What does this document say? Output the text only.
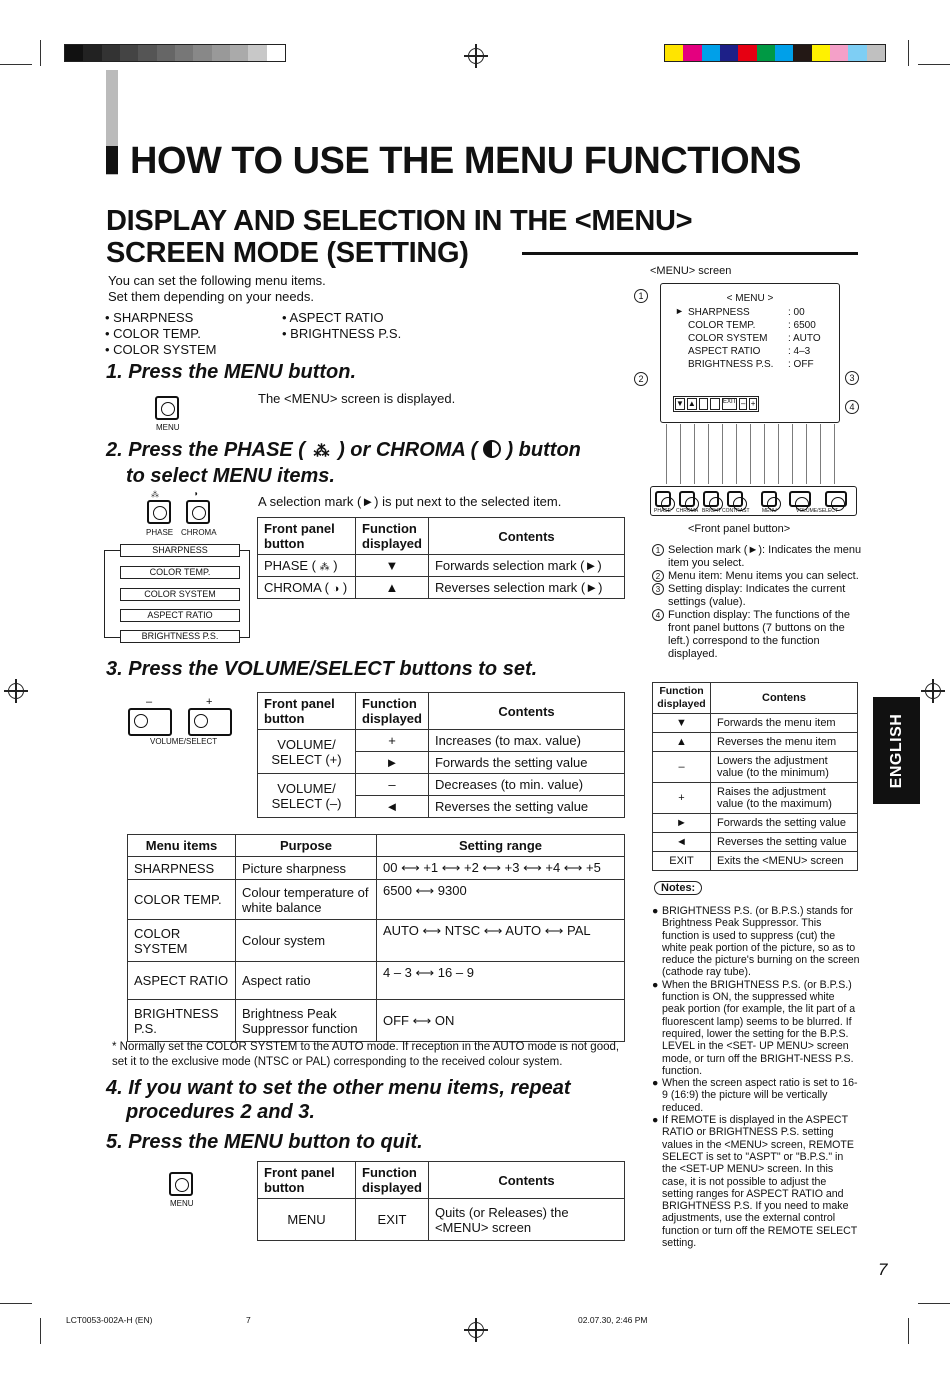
HOW TO USE THE MENU FUNCTIONS
DISPLAY AND SELECTION IN THE <MENU>
SCREEN MODE (SETTING)
You can set the following menu items.
Set them depending on your needs.
• SHARPNESS
• COLOR TEMP.
• COLOR SYSTEM
• ASPECT RATIO
• BRIGHTNESS P.S.
1. Press the MENU button.
MENU
The <MENU> screen is displayed.
2. Press the PHASE ( ⁂ ) or CHROMA ( ) button
to select MENU items.
⁂	◑
PHASE CHROMA
SHARPNESS
COLOR TEMP.
COLOR SYSTEM
ASPECT RATIO
BRIGHTNESS P.S.
Front panel button	Function displayed	Contents
PHASE ( ⁂ )	▼	Forwards selection mark (►)
CHROMA ( ◑ )	▲	Reverses selection mark (►)
A selection mark (►) is put next to the selected item.
3. Press the VOLUME/SELECT buttons to set.
–	+
VOLUME/SELECT
Front panel button	Function displayed	Contents
VOLUME/ SELECT (+)	+	Increases (to max. value)
	►	Forwards the setting value
VOLUME/ SELECT (–)	–	Decreases (to min. value)
	◄	Reverses the setting value
Menu items	Purpose	Setting range
SHARPNESS	Picture sharpness	00 ⟷ +1 ⟷ +2 ⟷ +3 ⟷ +4 ⟷ +5
COLOR TEMP.	Colour temperature of white balance	6500 ⟷ 9300
COLOR SYSTEM	Colour system	AUTO ⟷ NTSC ⟷ AUTO ⟷ PAL
ASPECT RATIO	Aspect ratio	4 – 3 ⟷ 16 – 9
BRIGHTNESS P.S.	Brightness Peak Suppressor function	OFF ⟷ ON
* Normally set the COLOR SYSTEM to the AUTO mode. If reception in the AUTO mode is not good, set it to the exclusive mode (NTSC or PAL) corresponding to the received colour system.
4. If you want to set the other menu items, repeat
procedures 2 and 3.
5. Press the MENU button to quit.
MENU
Front panel button	Function displayed	Contents
MENU	EXIT	Quits (or Releases) the <MENU> screen
<MENU> screen
< MENU >
► SHARPNESS	: 00
COLOR TEMP.	: 6500
COLOR SYSTEM : AUTO
ASPECT RATIO	: 4–3
BRIGHTNESS P.S. : OFF
▼ ▲	EXIT – +
1
2	3
4
PHASE CHROMA BRIGHT CONTRAST	MENU	VOLUME/SELECT
<Front panel button>
1 Selection mark (►): Indicates the menu item you select.
2 Menu item: Menu items you can select.
3 Setting display: Indicates the current settings (value).
4 Function display: The functions of the front panel buttons (7 buttons on the left.) correspond to the function displayed.
Function displayed	Contens
▼	Forwards the menu item
▲	Reverses the menu item
–	Lowers the adjustment value (to the minimum)
+	Raises the adjustment value (to the maximum)
►	Forwards the setting value
◄	Reverses the setting value
EXIT	Exits the <MENU> screen
Notes:
● BRIGHTNESS P.S. (or B.P.S.) stands for Brightness Peak Suppressor. This function is used to suppress (cut) the white peak portion of the picture, so as to reduce the picture's burning on the screen (cathode ray tube).
● When the BRIGHTNESS P.S. (or B.P.S.) function is ON, the suppressed white peak portion (for example, the lit part of a fluorescent lamp) seems to be blurred. If required, lower the setting for the B.P.S. LEVEL in the <SET- UP MENU> screen mode, or turn off the BRIGHT-NESS P.S. function.
● When the screen aspect ratio is set to 16-9 (16:9) the picture will be vertically reduced.
● If REMOTE is displayed in the ASPECT RATIO or BRIGHTNESS P.S. setting values in the <MENU> screen, REMOTE SELECT is set to "ASPT" or "B.P.S." in the <SET-UP MENU> screen. In this case, it is not possible to adjust the setting ranges for ASPECT RATIO and BRIGHTNESS P.S. If you need to make adjustments, use the external control function or turn off the REMOTE SELECT setting.
ENGLISH
7
LCT0053-002A-H (EN)	7	02.07.30, 2:46 PM
